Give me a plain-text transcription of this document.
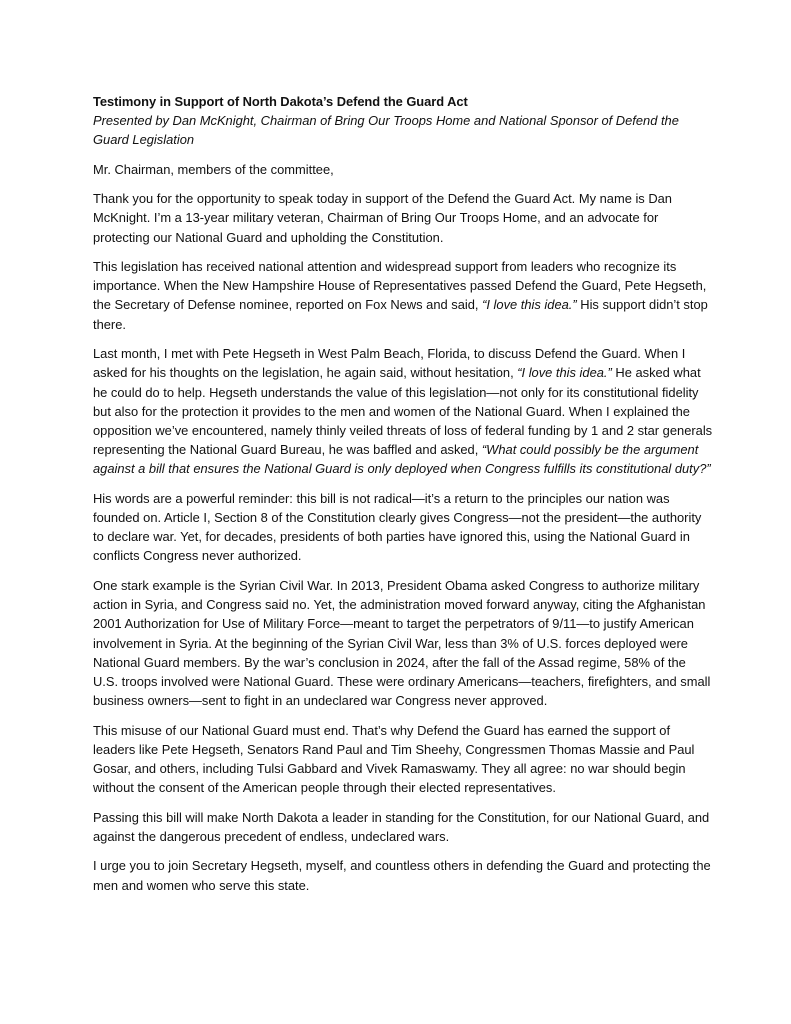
Testimony in Support of North Dakota’s Defend the Guard Act

Presented by Dan McKnight, Chairman of Bring Our Troops Home and National Sponsor of Defend the Guard Legislation

Mr. Chairman, members of the committee,

Thank you for the opportunity to speak today in support of the Defend the Guard Act. My name is Dan McKnight. I’m a 13-year military veteran, Chairman of Bring Our Troops Home, and an advocate for protecting our National Guard and upholding the Constitution.

This legislation has received national attention and widespread support from leaders who recognize its importance. When the New Hampshire House of Representatives passed Defend the Guard, Pete Hegseth, the Secretary of Defense nominee, reported on Fox News and said, “I love this idea.” His support didn’t stop there.

Last month, I met with Pete Hegseth in West Palm Beach, Florida, to discuss Defend the Guard. When I asked for his thoughts on the legislation, he again said, without hesitation, “I love this idea.” He asked what he could do to help. Hegseth understands the value of this legislation—not only for its constitutional fidelity but also for the protection it provides to the men and women of the National Guard. When I explained the opposition we’ve encountered, namely thinly veiled threats of loss of federal funding by 1 and 2 star generals representing the National Guard Bureau, he was baffled and asked, “What could possibly be the argument against a bill that ensures the National Guard is only deployed when Congress fulfills its constitutional duty?”

His words are a powerful reminder: this bill is not radical—it’s a return to the principles our nation was founded on. Article I, Section 8 of the Constitution clearly gives Congress—not the president—the authority to declare war. Yet, for decades, presidents of both parties have ignored this, using the National Guard in conflicts Congress never authorized.

One stark example is the Syrian Civil War. In 2013, President Obama asked Congress to authorize military action in Syria, and Congress said no. Yet, the administration moved forward anyway, citing the Afghanistan 2001 Authorization for Use of Military Force—meant to target the perpetrators of 9/11—to justify American involvement in Syria. At the beginning of the Syrian Civil War, less than 3% of U.S. forces deployed were National Guard members. By the war’s conclusion in 2024, after the fall of the Assad regime, 58% of the U.S. troops involved were National Guard. These were ordinary Americans—teachers, firefighters, and small business owners—sent to fight in an undeclared war Congress never approved.

This misuse of our National Guard must end. That’s why Defend the Guard has earned the support of leaders like Pete Hegseth, Senators Rand Paul and Tim Sheehy, Congressmen Thomas Massie and Paul Gosar, and others, including Tulsi Gabbard and Vivek Ramaswamy. They all agree: no war should begin without the consent of the American people through their elected representatives.

Passing this bill will make North Dakota a leader in standing for the Constitution, for our National Guard, and against the dangerous precedent of endless, undeclared wars.

I urge you to join Secretary Hegseth, myself, and countless others in defending the Guard and protecting the men and women who serve this state.
